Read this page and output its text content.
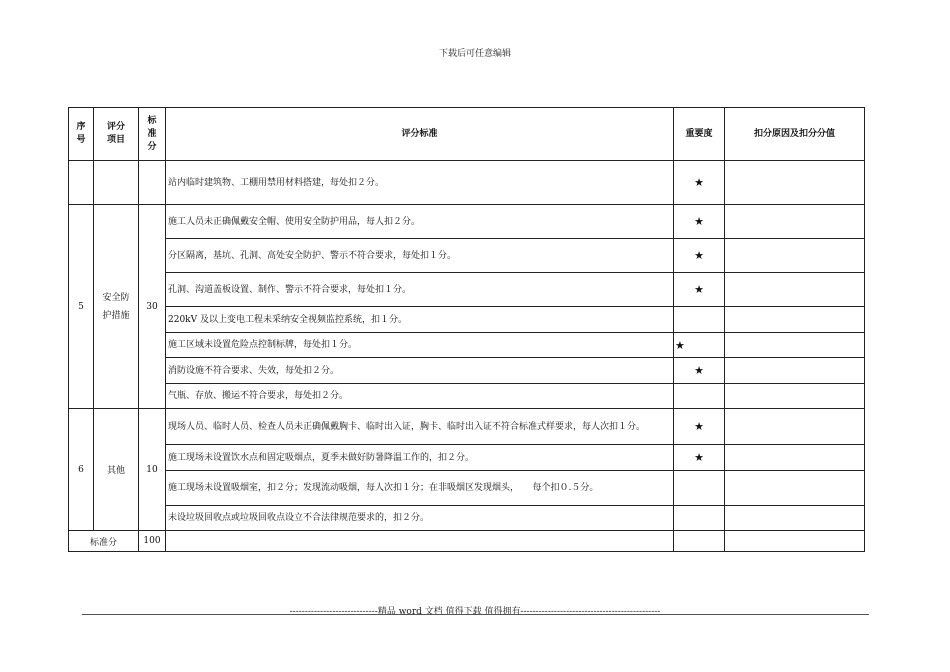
下载后可任意编辑
序号	评分项目	标准分	评分标准	重要度	扣分原因及扣分分值
			站内临时建筑物、工棚用禁用材料搭建，每处扣２分。	★	
5	安全防护措施	30	施工人员未正确佩戴安全帽、使用安全防护用品，每人扣２分。	★	
			分区隔离，基坑、孔洞、高处安全防护、警示不符合要求，每处扣１分。	★	
			孔洞、沟道盖板设置、制作、警示不符合要求，每处扣１分。	★	
			220kV 及以上变电工程未采纳安全视频监控系统，扣１分。		
			施工区域未设置危险点控制标牌，每处扣１分。	★	
			消防设施不符合要求、失效，每处扣２分。	★	
			气瓶、存放、搬运不符合要求，每处扣２分。		
6	其他	10	现场人员、临时人员、检查人员未正确佩戴胸卡、临时出入证，胸卡、临时出入证不符合标准式样要求，每人次扣１分。	★	
			施工现场未设置饮水点和固定吸烟点，夏季未做好防暑降温工作的，扣２分。	★	
			施工现场未设置吸烟室，扣２分；发现流动吸烟，每人次扣１分；在非吸烟区发现烟头，　　每个扣０.５分。		
			未设垃圾回收点或垃圾回收点设立不合法律规范要求的，扣２分。		
标准分		100			
-----------------------------精品 word 文档 值得下载 值得拥有----------------------------------------------
